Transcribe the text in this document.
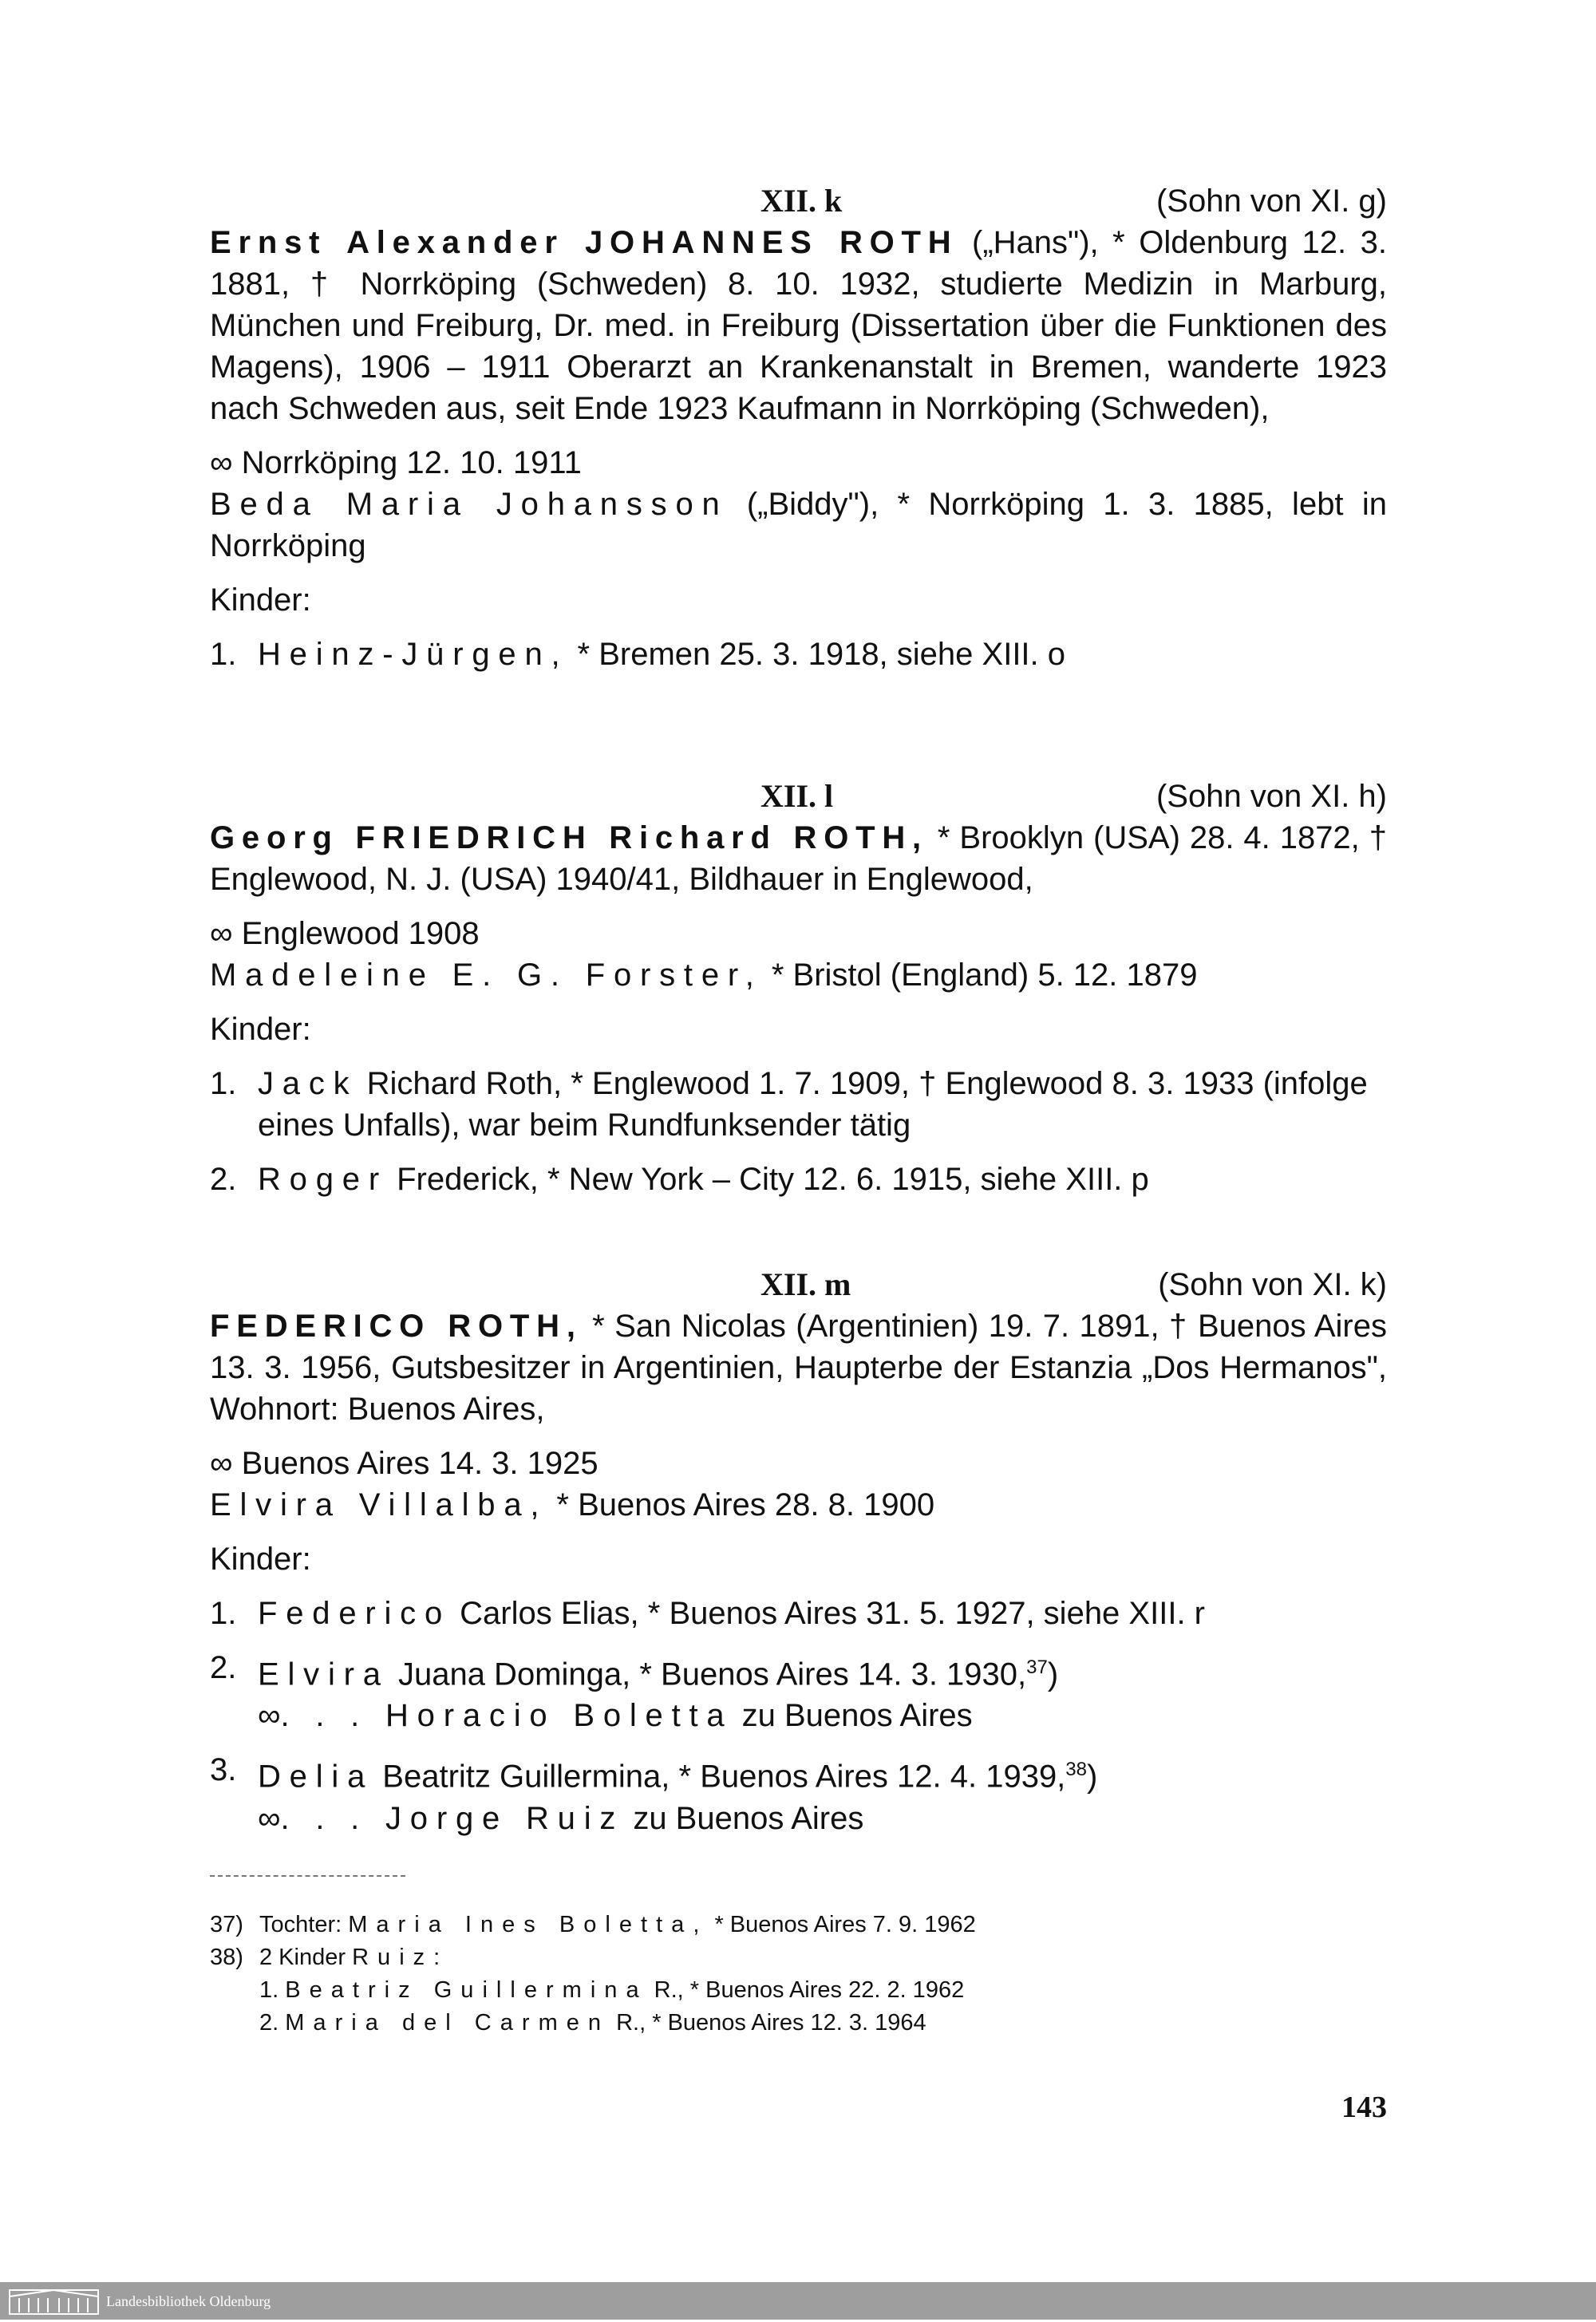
XII. k	(Sohn von XI. g)

Ernst Alexander JOHANNES ROTH („Hans"), * Oldenburg 12. 3. 1881, † Norrköping (Schweden) 8. 10. 1932, studierte Medizin in Marburg, München und Freiburg, Dr. med. in Freiburg (Dissertation über die Funktionen des Magens), 1906 – 1911 Oberarzt an Krankenanstalt in Bremen, wanderte 1923 nach Schweden aus, seit Ende 1923 Kaufmann in Norrköping (Schweden),

∞ Norrköping 12. 10. 1911

Beda Maria Johansson („Biddy"), * Norrköping 1. 3. 1885, lebt in Norrköping

Kinder:

1. Heinz-Jürgen, * Bremen 25. 3. 1918, siehe XIII. o
XII. l	(Sohn von XI. h)

Georg FRIEDRICH Richard ROTH, * Brooklyn (USA) 28. 4. 1872, † Englewood, N. J. (USA) 1940/41, Bildhauer in Englewood,

∞ Englewood 1908

Madeleine E. G. Forster, * Bristol (England) 5. 12. 1879

Kinder:

1. Jack Richard Roth, * Englewood 1. 7. 1909, † Englewood 8. 3. 1933 (infolge eines Unfalls), war beim Rundfunksender tätig
2. Roger Frederick, * New York – City 12. 6. 1915, siehe XIII. p
XII. m	(Sohn von XI. k)

FEDERICO ROTH, * San Nicolas (Argentinien) 19. 7. 1891, † Buenos Aires 13. 3. 1956, Gutsbesitzer in Argentinien, Haupterbe der Estanzia „Dos Hermanos", Wohnort: Buenos Aires,

∞ Buenos Aires 14. 3. 1925

Elvira Villalba, * Buenos Aires 28. 8. 1900

Kinder:

1. Federico Carlos Elias, * Buenos Aires 31. 5. 1927, siehe XIII. r
2. Elvira Juana Dominga, * Buenos Aires 14. 3. 1930,37)
∞. . . Horacio Boletta zu Buenos Aires
3. Delia Beatritz Guillermina, * Buenos Aires 12. 4. 1939,38)
∞. . . Jorge Ruiz zu Buenos Aires
37) Tochter: Maria Ines Boletta, * Buenos Aires 7. 9. 1962
38) 2 Kinder Ruiz:
1. Beatriz Guillermina R., * Buenos Aires 22. 2. 1962
2. Maria del Carmen R., * Buenos Aires 12. 3. 1964
143
Landesbibliothek Oldenburg
